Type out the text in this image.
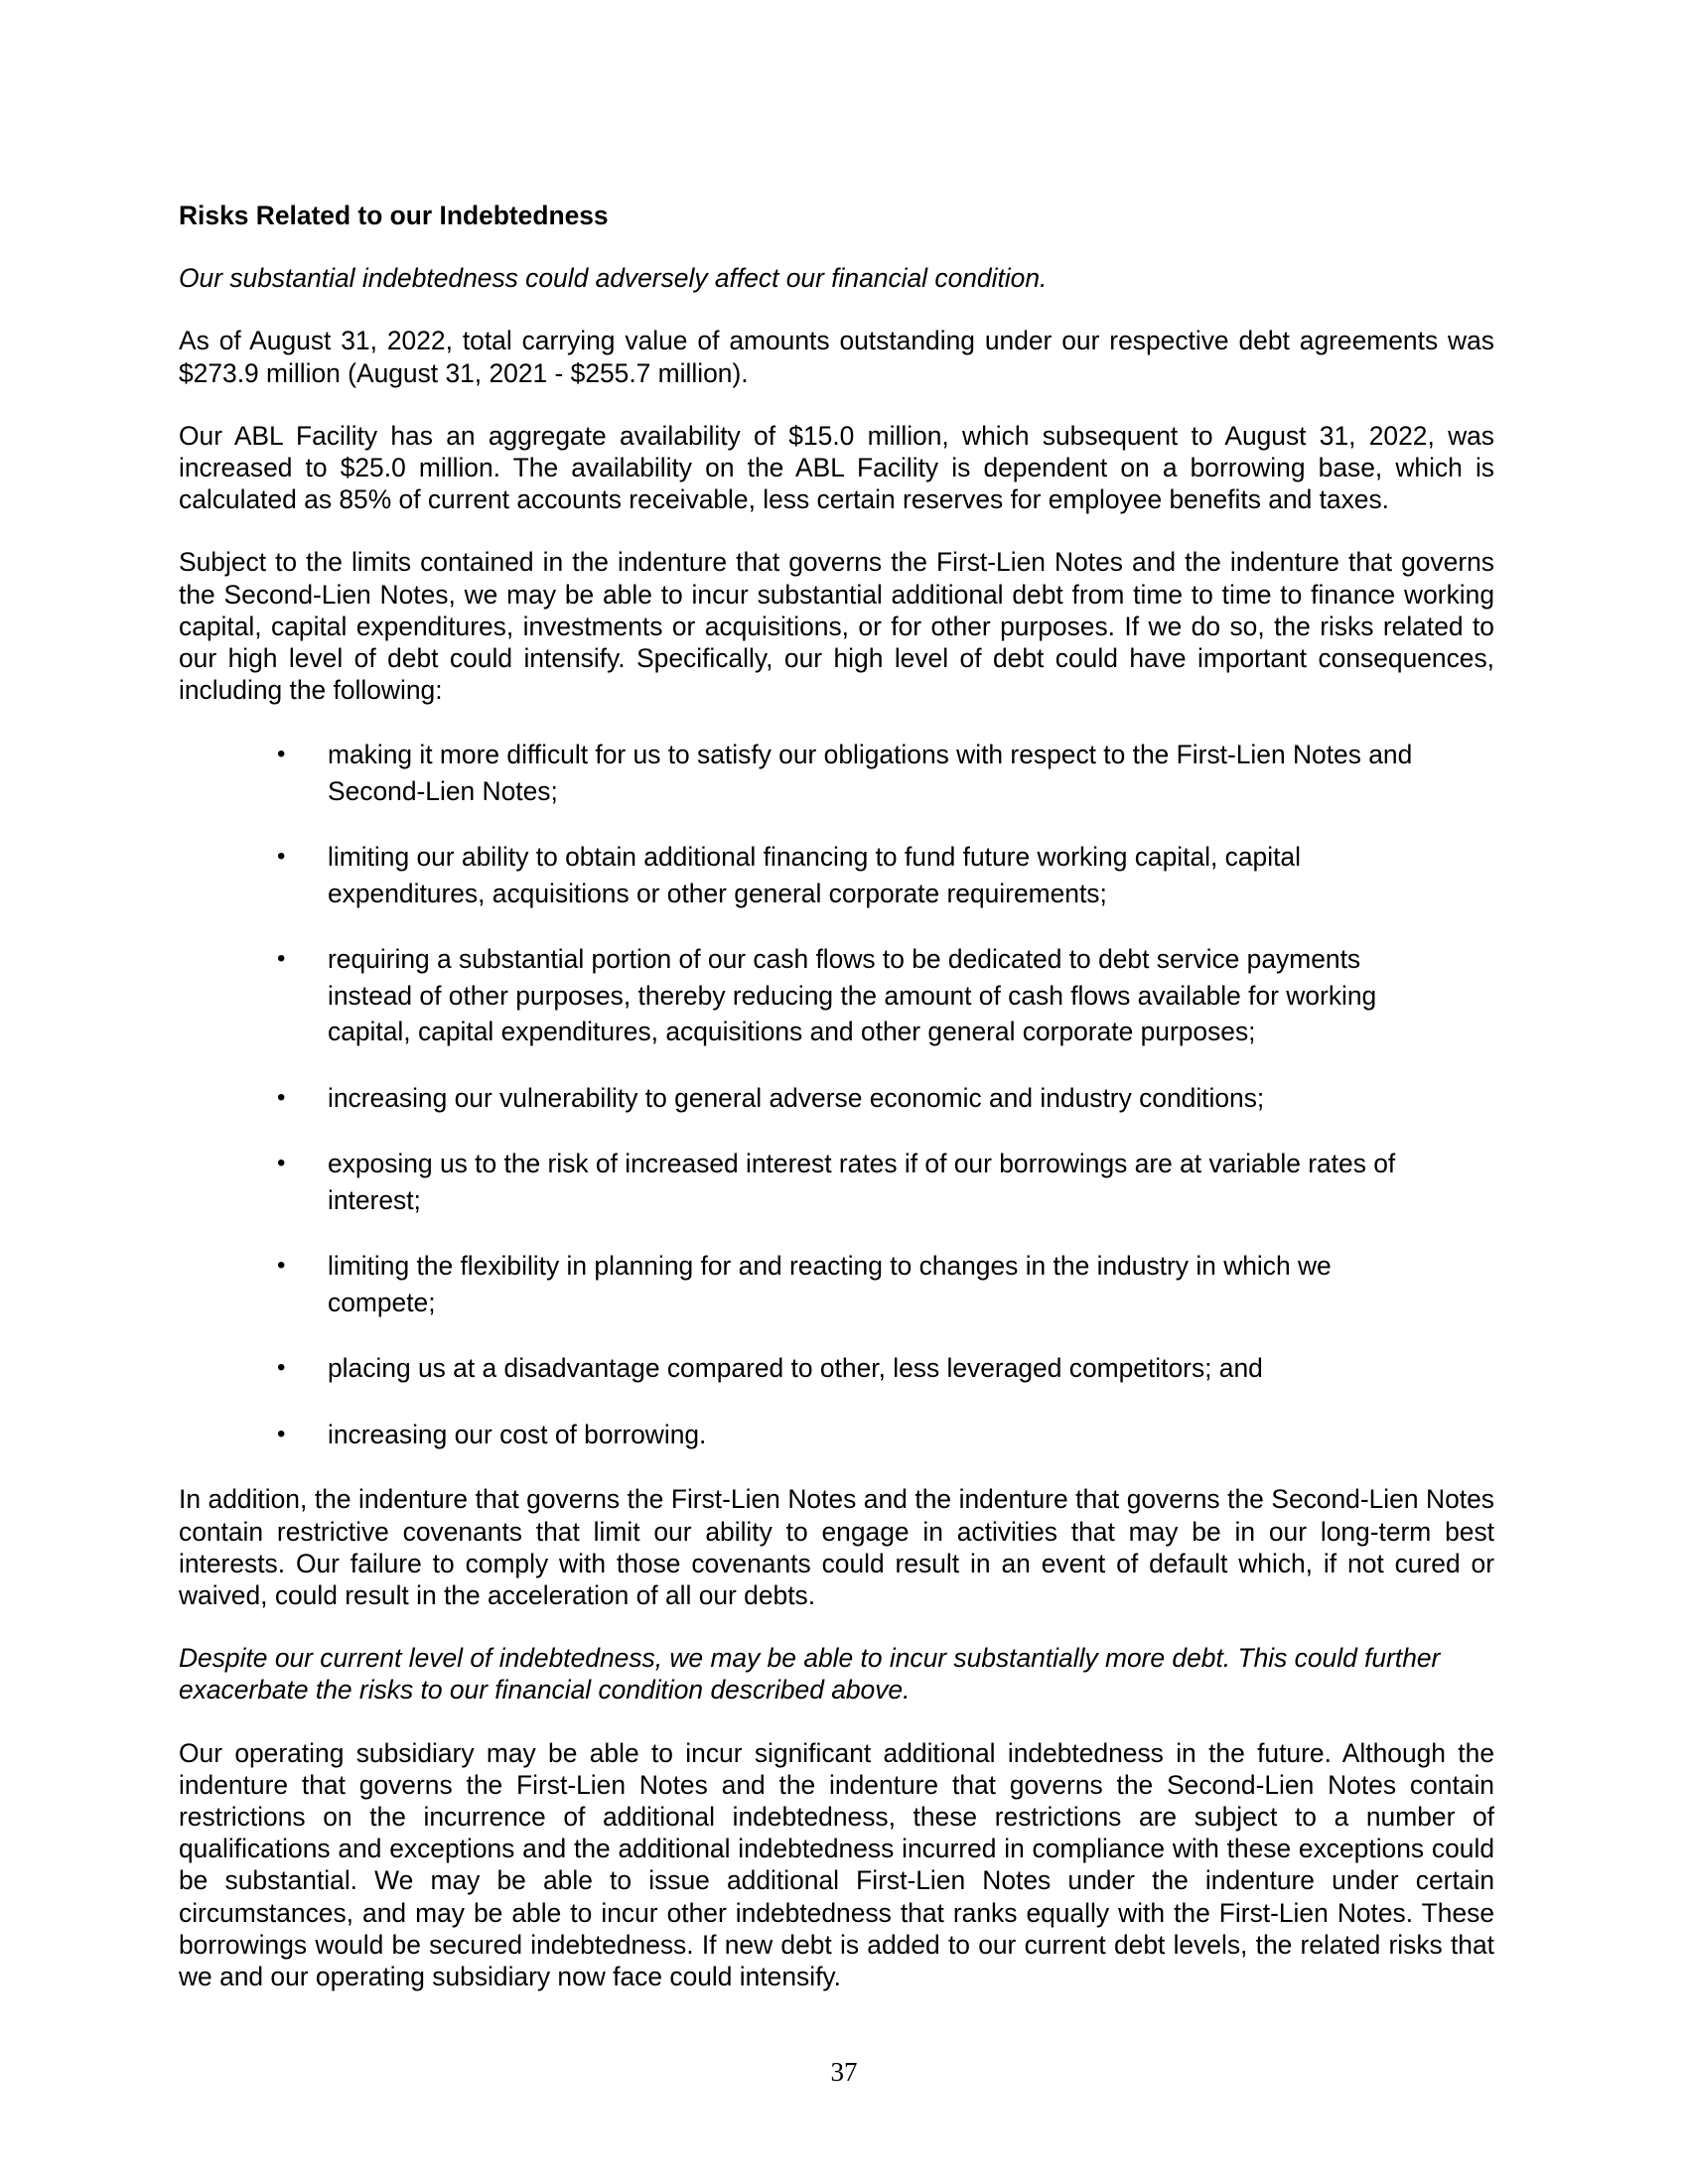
Risks Related to our Indebtedness
Our substantial indebtedness could adversely affect our financial condition.

As of August 31, 2022, total carrying value of amounts outstanding under our respective debt agreements was $273.9 million (August 31, 2021 - $255.7 million).

Our ABL Facility has an aggregate availability of $15.0 million, which subsequent to August 31, 2022, was increased to $25.0 million. The availability on the ABL Facility is dependent on a borrowing base, which is calculated as 85% of current accounts receivable, less certain reserves for employee benefits and taxes.

Subject to the limits contained in the indenture that governs the First-Lien Notes and the indenture that governs the Second-Lien Notes, we may be able to incur substantial additional debt from time to time to finance working capital, capital expenditures, investments or acquisitions, or for other purposes. If we do so, the risks related to our high level of debt could intensify. Specifically, our high level of debt could have important consequences, including the following:

• making it more difficult for us to satisfy our obligations with respect to the First-Lien Notes and Second-Lien Notes;
• limiting our ability to obtain additional financing to fund future working capital, capital expenditures, acquisitions or other general corporate requirements;
• requiring a substantial portion of our cash flows to be dedicated to debt service payments instead of other purposes, thereby reducing the amount of cash flows available for working capital, capital expenditures, acquisitions and other general corporate purposes;
• increasing our vulnerability to general adverse economic and industry conditions;
• exposing us to the risk of increased interest rates if of our borrowings are at variable rates of interest;
• limiting the flexibility in planning for and reacting to changes in the industry in which we compete;
• placing us at a disadvantage compared to other, less leveraged competitors; and
• increasing our cost of borrowing.

In addition, the indenture that governs the First-Lien Notes and the indenture that governs the Second-Lien Notes contain restrictive covenants that limit our ability to engage in activities that may be in our long-term best interests. Our failure to comply with those covenants could result in an event of default which, if not cured or waived, could result in the acceleration of all our debts.

Despite our current level of indebtedness, we may be able to incur substantially more debt. This could further exacerbate the risks to our financial condition described above.

Our operating subsidiary may be able to incur significant additional indebtedness in the future. Although the indenture that governs the First-Lien Notes and the indenture that governs the Second-Lien Notes contain restrictions on the incurrence of additional indebtedness, these restrictions are subject to a number of qualifications and exceptions and the additional indebtedness incurred in compliance with these exceptions could be substantial. We may be able to issue additional First-Lien Notes under the indenture under certain circumstances, and may be able to incur other indebtedness that ranks equally with the First-Lien Notes. These borrowings would be secured indebtedness. If new debt is added to our current debt levels, the related risks that we and our operating subsidiary now face could intensify.

37
